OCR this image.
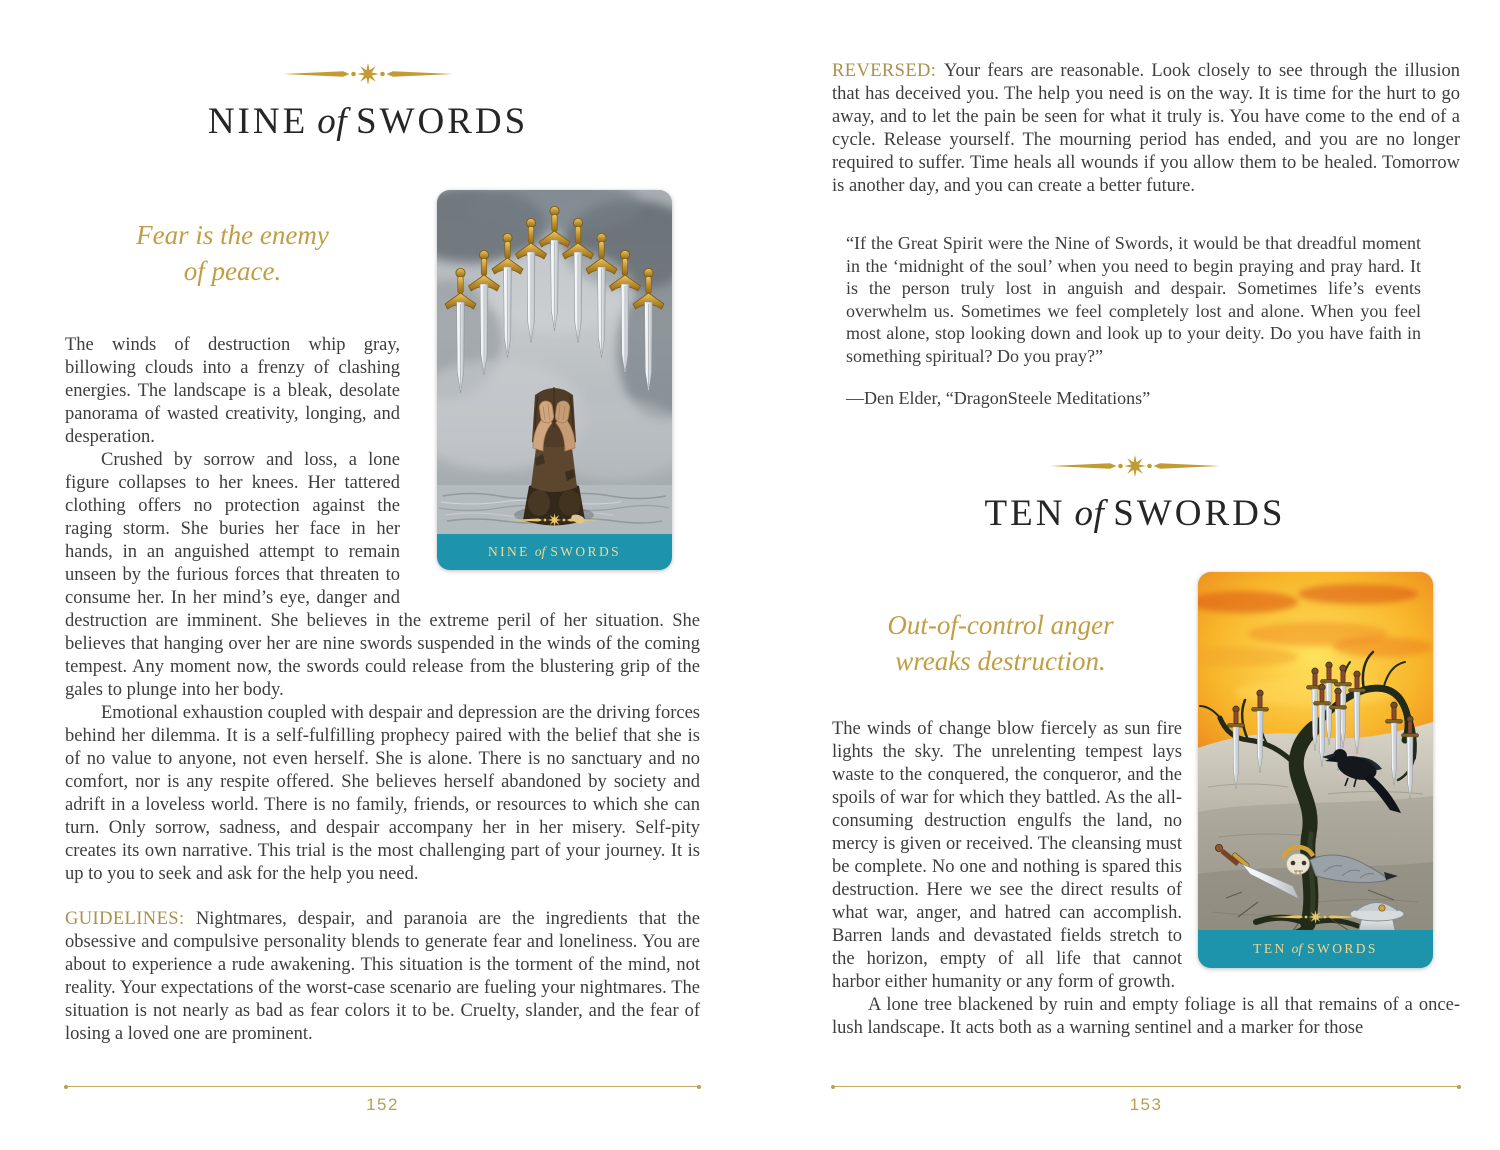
NINE of SWORDS
Fear is the enemy
of peace.
NINE of SWORDS

The winds of destruction whip gray, billowing clouds into a frenzy of clashing energies. The landscape is a bleak, desolate panorama of wasted creativity, longing, and desperation.

Crushed by sorrow and loss, a lone figure collapses to her knees. Her tattered clothing offers no protection against the raging storm. She buries her face in her hands, in an anguished attempt to remain unseen by the furious forces that threaten to consume her. In her mind’s eye, danger and destruction are imminent. She believes in the extreme peril of her situation. She believes that hanging over her are nine swords suspended in the winds of the coming tempest. Any moment now, the swords could release from the blustering grip of the gales to plunge into her body.

Emotional exhaustion coupled with despair and depression are the driving forces behind her dilemma. It is a self-fulfilling prophecy paired with the belief that she is of no value to anyone, not even herself. She is alone. There is no sanctuary and no comfort, nor is any respite offered. She believes herself abandoned by society and adrift in a loveless world. There is no family, friends, or resources to which she can turn. Only sorrow, sadness, and despair accompany her in her misery. Self-pity creates its own narrative. This trial is the most challenging part of your journey. It is up to you to seek and ask for the help you need.

GUIDELINES: Nightmares, despair, and paranoia are the ingredients that the obsessive and compulsive personality blends to generate fear and loneliness. You are about to experience a rude awakening. This situation is the torment of the mind, not reality. Your expectations of the worst-case scenario are fueling your nightmares. The situation is not nearly as bad as fear colors it to be. Cruelty, slander, and the fear of losing a loved one are prominent.

152

REVERSED: Your fears are reasonable. Look closely to see through the illusion that has deceived you. The help you need is on the way. It is time for the hurt to go away, and to let the pain be seen for what it truly is. You have come to the end of a cycle. Release yourself. The mourning period has ended, and you are no longer required to suffer. Time heals all wounds if you allow them to be healed. Tomorrow is another day, and you can create a better future.

“If the Great Spirit were the Nine of Swords, it would be that dreadful moment in the ‘midnight of the soul’ when you need to begin praying and pray hard. It is the person truly lost in anguish and despair. Sometimes life’s events overwhelm us. Sometimes we feel completely lost and alone. When you feel most alone, stop looking down and look up to your deity. Do you have faith in something spiritual? Do you pray?”
—Den Elder, “DragonSteele Meditations”
TEN of SWORDS
Out-of-control anger
wreaks destruction.
TEN of SWORDS

The winds of change blow fiercely as sun fire lights the sky. The unrelenting tempest lays waste to the conquered, the conqueror, and the spoils of war for which they battled. As the all-consuming destruction engulfs the land, no mercy is given or received. The cleansing must be complete. No one and nothing is spared this destruction. Here we see the direct results of what war, anger, and hatred can accomplish. Barren lands and devastated fields stretch to the horizon, empty of all life that cannot harbor either humanity or any form of growth.

A lone tree blackened by ruin and empty foliage is all that remains of a once-lush landscape. It acts both as a warning sentinel and a marker for those

153
